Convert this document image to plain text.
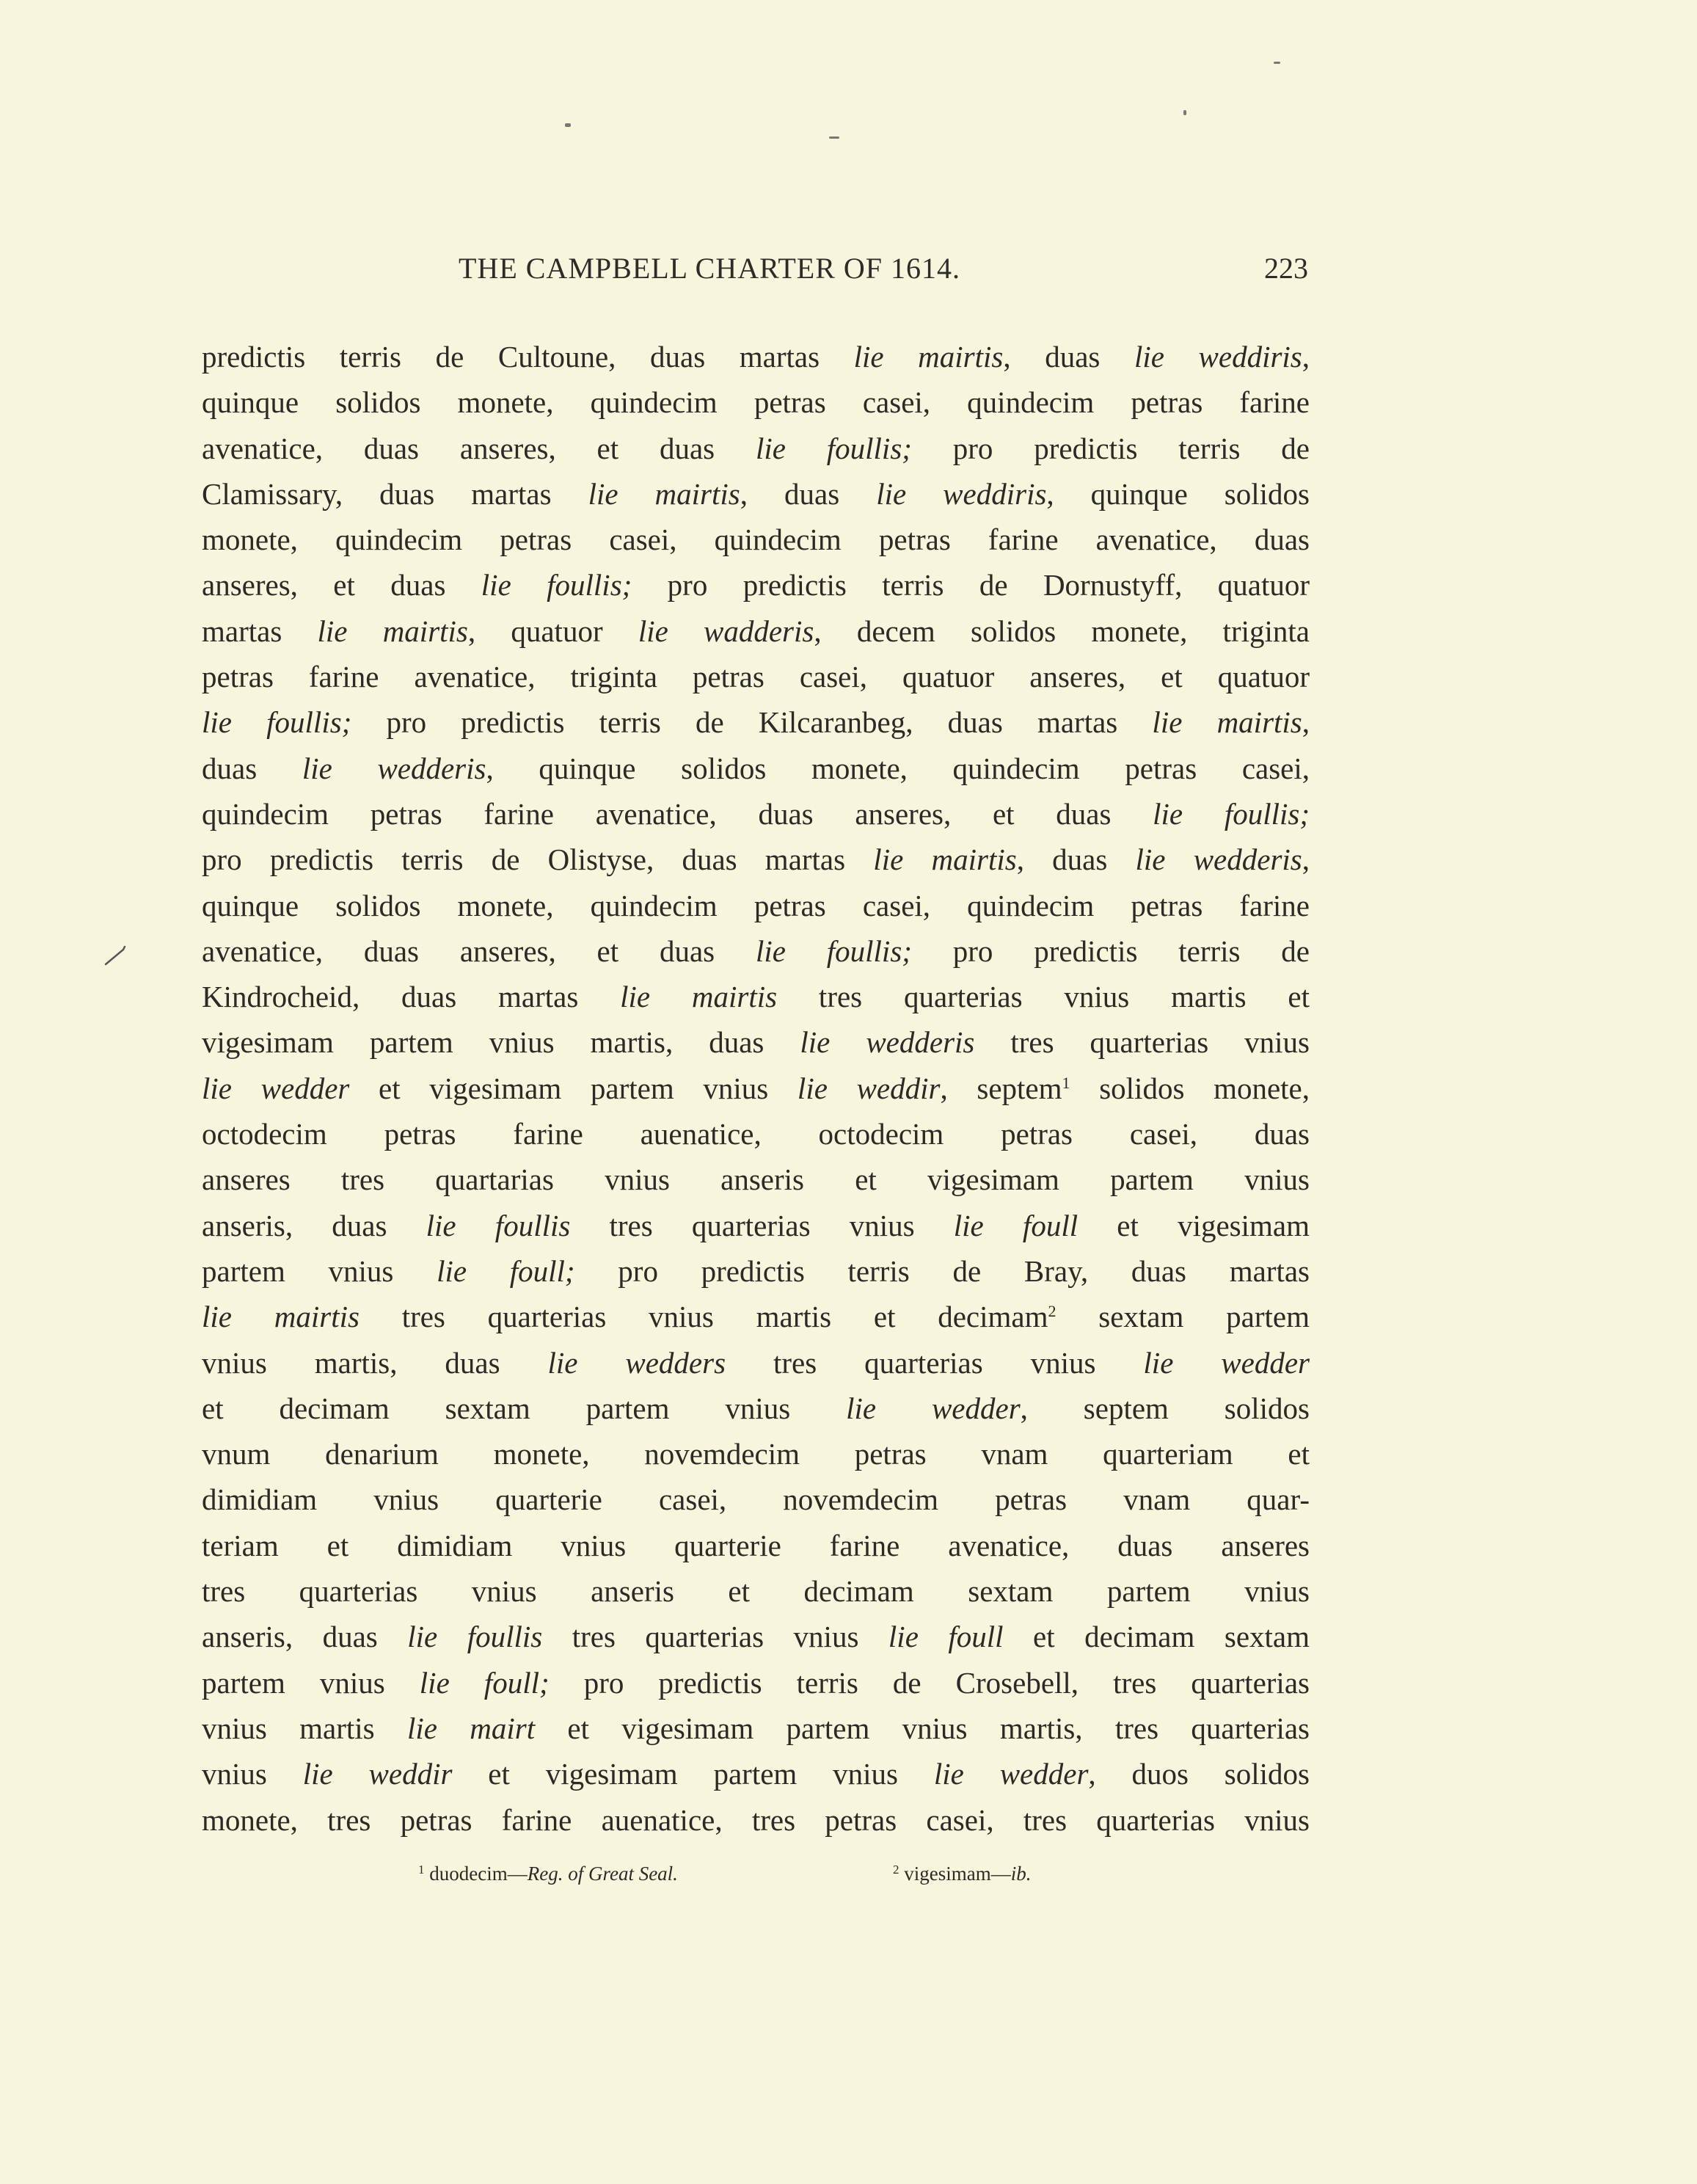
THE CAMPBELL CHARTER OF 1614.	223
predictis terris de Cultoune, duas martas lie mairtis, duas lie weddiris,
quinque solidos monete, quindecim petras casei, quindecim petras farine
avenatice, duas anseres, et duas lie foullis; pro predictis terris de
Clamissary, duas martas lie mairtis, duas lie weddiris, quinque solidos
monete, quindecim petras casei, quindecim petras farine avenatice, duas
anseres, et duas lie foullis; pro predictis terris de Dornustyff, quatuor
martas lie mairtis, quatuor lie wadderis, decem solidos monete, triginta
petras farine avenatice, triginta petras casei, quatuor anseres, et quatuor
lie foullis; pro predictis terris de Kilcaranbeg, duas martas lie mairtis,
duas lie wedderis, quinque solidos monete, quindecim petras casei,
quindecim petras farine avenatice, duas anseres, et duas lie foullis;
pro predictis terris de Olistyse, duas martas lie mairtis, duas lie wedderis,
quinque solidos monete, quindecim petras casei, quindecim petras farine
avenatice, duas anseres, et duas lie foullis; pro predictis terris de
Kindrocheid, duas martas lie mairtis tres quarterias vnius martis et
vigesimam partem vnius martis, duas lie wedderis tres quarterias vnius
lie wedder et vigesimam partem vnius lie weddir, septem$^1$ solidos monete,
octodecim petras farine auenatice, octodecim petras casei, duas
anseres tres quartarias vnius anseris et vigesimam partem vnius
anseris, duas lie foullis tres quarterias vnius lie foull et vigesimam
partem vnius lie foull; pro predictis terris de Bray, duas martas
lie mairtis tres quarterias vnius martis et decimam$^2$ sextam partem
vnius martis, duas lie wedders tres quarterias vnius lie wedder
et decimam sextam partem vnius lie wedder, septem solidos
vnum denarium monete, novemdecim petras vnam quarteriam et
dimidiam vnius quarterie casei, novemdecim petras vnam quar-
teriam et dimidiam vnius quarterie farine avenatice, duas anseres
tres quarterias vnius anseris et decimam sextam partem vnius
anseris, duas lie foullis tres quarterias vnius lie foull et decimam sextam
partem vnius lie foull; pro predictis terris de Crosebell, tres quarterias
vnius martis lie mairt et vigesimam partem vnius martis, tres quarterias
vnius lie weddir et vigesimam partem vnius lie wedder, duos solidos
monete, tres petras farine auenatice, tres petras casei, tres quarterias vnius
$^1$ duodecim—Reg. of Great Seal.	$^2$ vigesimam—ib.
